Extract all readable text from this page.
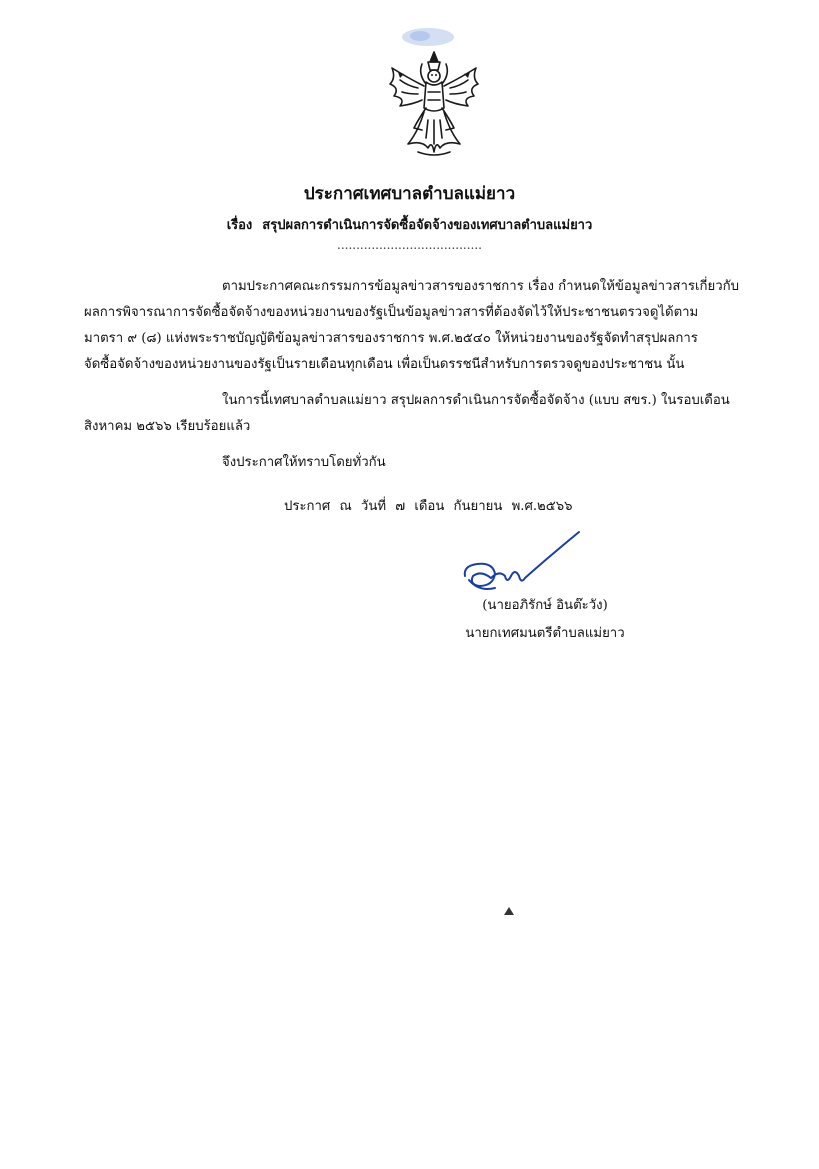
ประกาศเทศบาลตำบลแม่ยาว
เรื่อง สรุปผลการดำเนินการจัดซื้อจัดจ้างของเทศบาลตำบลแม่ยาว
......................................
ตามประกาศคณะกรรมการข้อมูลข่าวสารของราชการ เรื่อง กำหนดให้ข้อมูลข่าวสารเกี่ยวกับ
ผลการพิจารณาการจัดซื้อจัดจ้างของหน่วยงานของรัฐเป็นข้อมูลข่าวสารที่ต้องจัดไว้ให้ประชาชนตรวจดูได้ตาม
มาตรา ๙ (๘) แห่งพระราชบัญญัติข้อมูลข่าวสารของราชการ พ.ศ.๒๕๔๐ ให้หน่วยงานของรัฐจัดทำสรุปผลการ
จัดซื้อจัดจ้างของหน่วยงานของรัฐเป็นรายเดือนทุกเดือน เพื่อเป็นดรรชนีสำหรับการตรวจดูของประชาชน นั้น
ในการนี้เทศบาลตำบลแม่ยาว สรุปผลการดำเนินการจัดซื้อจัดจ้าง (แบบ สขร.) ในรอบเดือน
สิงหาคม ๒๕๖๖ เรียบร้อยแล้ว
จึงประกาศให้ทราบโดยทั่วกัน
ประกาศ ณ วันที่ ๗ เดือน กันยายน พ.ศ.๒๕๖๖
(นายอภิรักษ์ อินต๊ะวัง)
นายกเทศมนตรีตำบลแม่ยาว
